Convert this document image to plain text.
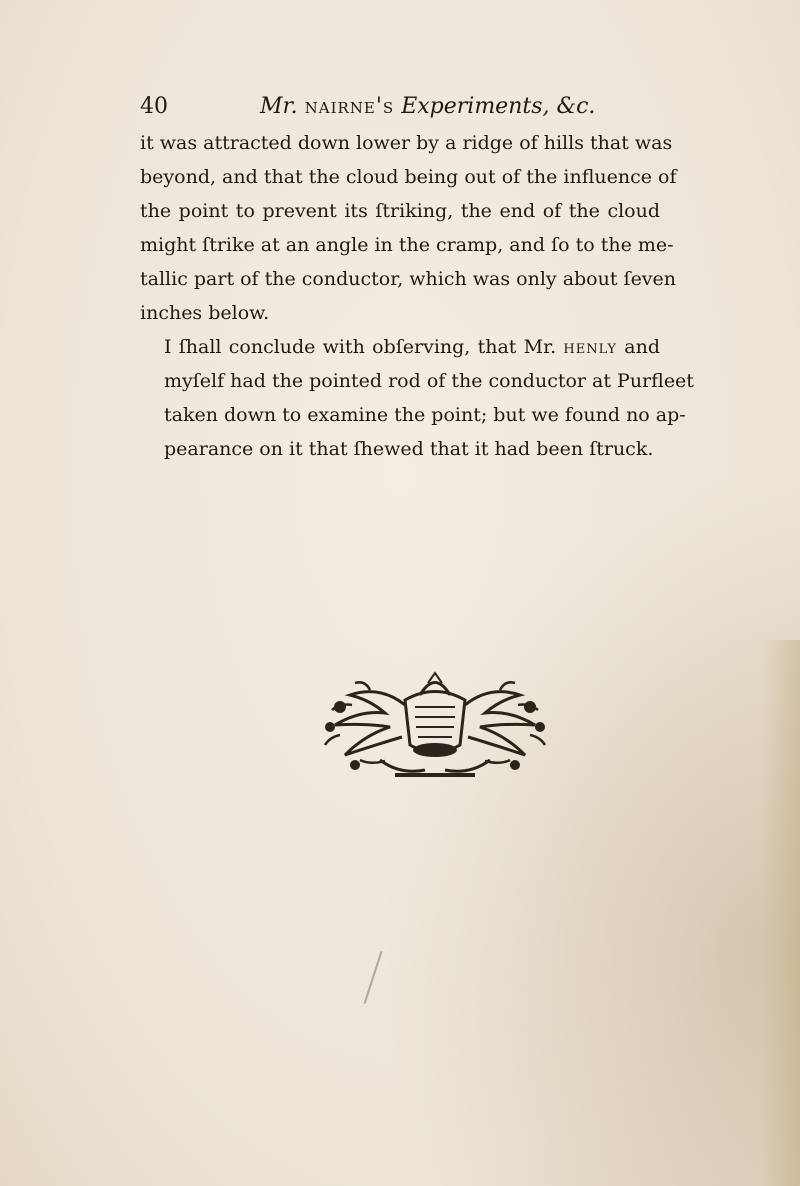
40	Mr. nairne's Experiments, &c.

it was attracted down lower by a ridge of hills that was
beyond, and that the cloud being out of the influence of
the point to prevent its ſtriking, the end of the cloud
might ſtrike at an angle in the cramp, and ſo to the me-
tallic part of the conductor, which was only about ſeven
inches below.

I ſhall conclude with obſerving, that Mr. henly and
myſelf had the pointed rod of the conductor at Purfleet
taken down to examine the point; but we found no ap-
pearance on it that ſhewed that it had been ſtruck.
